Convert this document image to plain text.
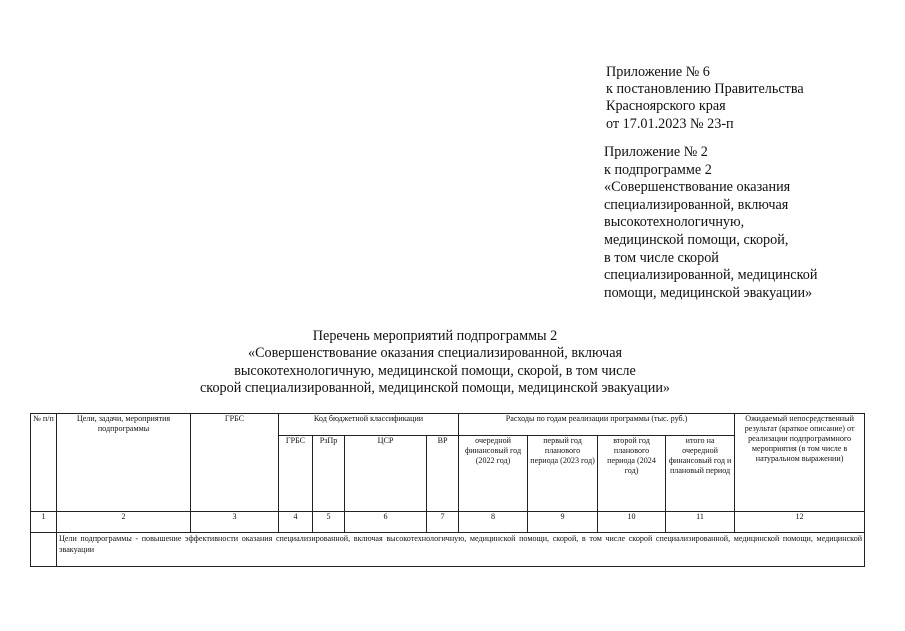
Приложение № 6
к постановлению Правительства
Красноярского края
от 17.01.2023 № 23-п
Приложение № 2
к подпрограмме 2
«Совершенствование оказания
специализированной, включая
высокотехнологичную,
медицинской помощи, скорой,
в том числе скорой
специализированной, медицинской
помощи, медицинской эвакуации»
Перечень мероприятий подпрограммы 2
«Совершенствование оказания специализированной, включая
высокотехнологичную, медицинской помощи, скорой, в том числе
скорой специализированной, медицинской помощи, медицинской эвакуации»
№ п/п	Цели, задачи, мероприятия подпрограммы	ГРБС	Код бюджетной классификации				Расходы по годам реализации программы (тыс. руб.)				Ожидаемый непосредственный результат (краткое описание) от реализации подпрограммного мероприятия (в том числе в натуральном выражении)
			ГРБС	РзПр	ЦСР	ВР	очередной финансовый год (2022 год)	первый год планового периода (2023 год)	второй год планового периода (2024 год)	итого на очередной финансовый год и плановый период	
1	2	3	4	5	6	7	8	9	10	11	12

	Цели подпрограммы - повышение эффективности оказания специализированной, включая высокотехнологичную, медицинской помощи, скорой, в том числе скорой специализированной, медицинской помощи, медицинской эвакуации										
